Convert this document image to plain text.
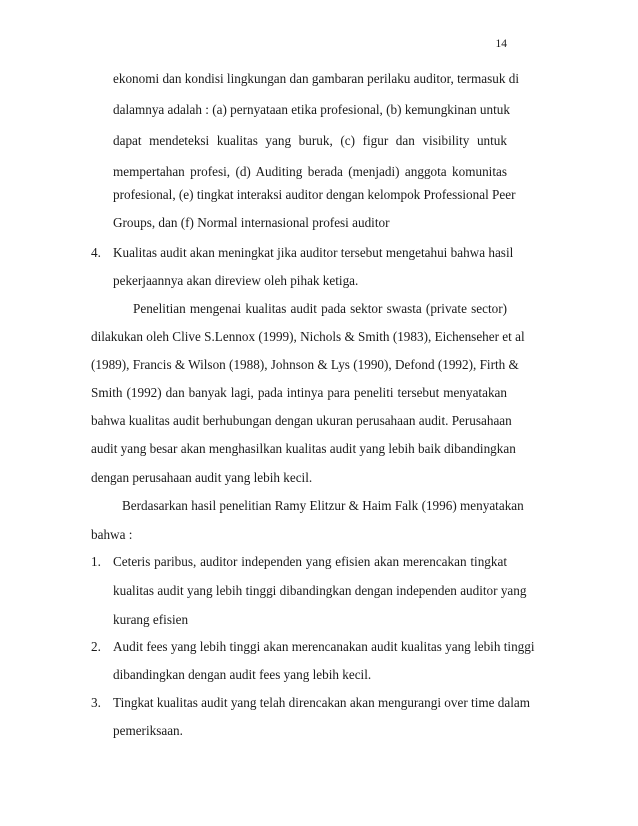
14
ekonomi dan kondisi lingkungan dan gambaran perilaku auditor, termasuk di
dalamnya adalah : (a) pernyataan etika profesional, (b) kemungkinan untuk
dapat mendeteksi kualitas yang buruk, (c) figur dan visibility untuk
mempertahan profesi, (d) Auditing berada (menjadi) anggota komunitas
profesional, (e) tingkat interaksi auditor dengan kelompok Professional Peer
Groups, dan (f) Normal internasional profesi auditor
4. Kualitas audit akan meningkat jika auditor tersebut mengetahui bahwa hasil
pekerjaannya akan direview oleh pihak ketiga.
Penelitian mengenai kualitas audit pada sektor swasta (private sector)
dilakukan oleh Clive S.Lennox (1999), Nichols & Smith (1983), Eichenseher et al
(1989), Francis & Wilson (1988), Johnson & Lys (1990), Defond (1992), Firth &
Smith (1992) dan banyak lagi, pada intinya para peneliti tersebut menyatakan
bahwa kualitas audit berhubungan dengan ukuran perusahaan audit. Perusahaan
audit yang besar akan menghasilkan kualitas audit yang lebih baik dibandingkan
dengan perusahaan audit yang lebih kecil.
Berdasarkan hasil penelitian Ramy Elitzur & Haim Falk (1996) menyatakan
bahwa :
1. Ceteris paribus, auditor independen yang efisien akan merencakan tingkat
kualitas audit yang lebih tinggi dibandingkan dengan independen auditor yang
kurang efisien
2. Audit fees yang lebih tinggi akan merencanakan audit kualitas yang lebih tinggi
dibandingkan dengan audit fees yang lebih kecil.
3. Tingkat kualitas audit yang telah direncakan akan mengurangi over time dalam
pemeriksaan.
